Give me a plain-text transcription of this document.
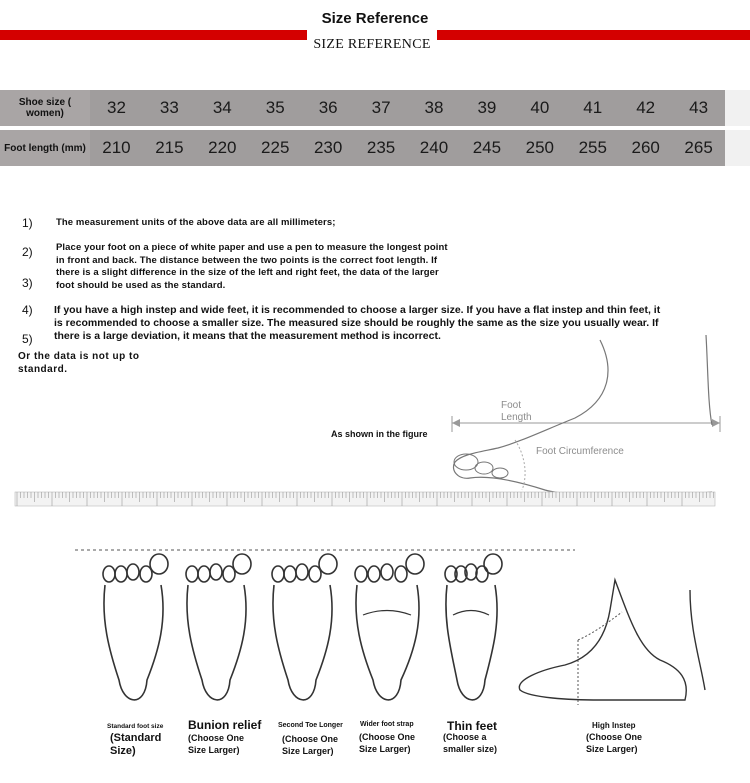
Size Reference
SIZE REFERENCE
Shoe size ( women)	32	33	34	35	36	37	38	39	40	41	42	43
Foot length (mm) 210	215	220	225	230	235	240	245	250	255	260	265
1) The measurement units of the above data are all millimeters;
2) Place your foot on a piece of white paper and use a pen to measure the longest point in front and back. The distance between the two points is the correct foot length. If there is a slight difference in the size of the left and right feet, the data of the larger foot should be used as the standard.
3)
4) If you have a high instep and wide feet, it is recommended to choose a larger size. If you have a flat instep and thin feet, it is recommended to choose a smaller size. The measured size should be roughly the same as the size you usually wear. If there is a large deviation, it means that the measurement method is incorrect.
5)
Or the data is not up to standard.
As shown in the figure
Foot Length
Foot Circumference
Standard foot size
(Standard Size)
Bunion relief
(Choose One Size Larger)
Second Toe Longer
(Choose One Size Larger)
Wider foot strap
(Choose One Size Larger)
Thin feet
(Choose a smaller size)
High Instep
(Choose One Size Larger)
